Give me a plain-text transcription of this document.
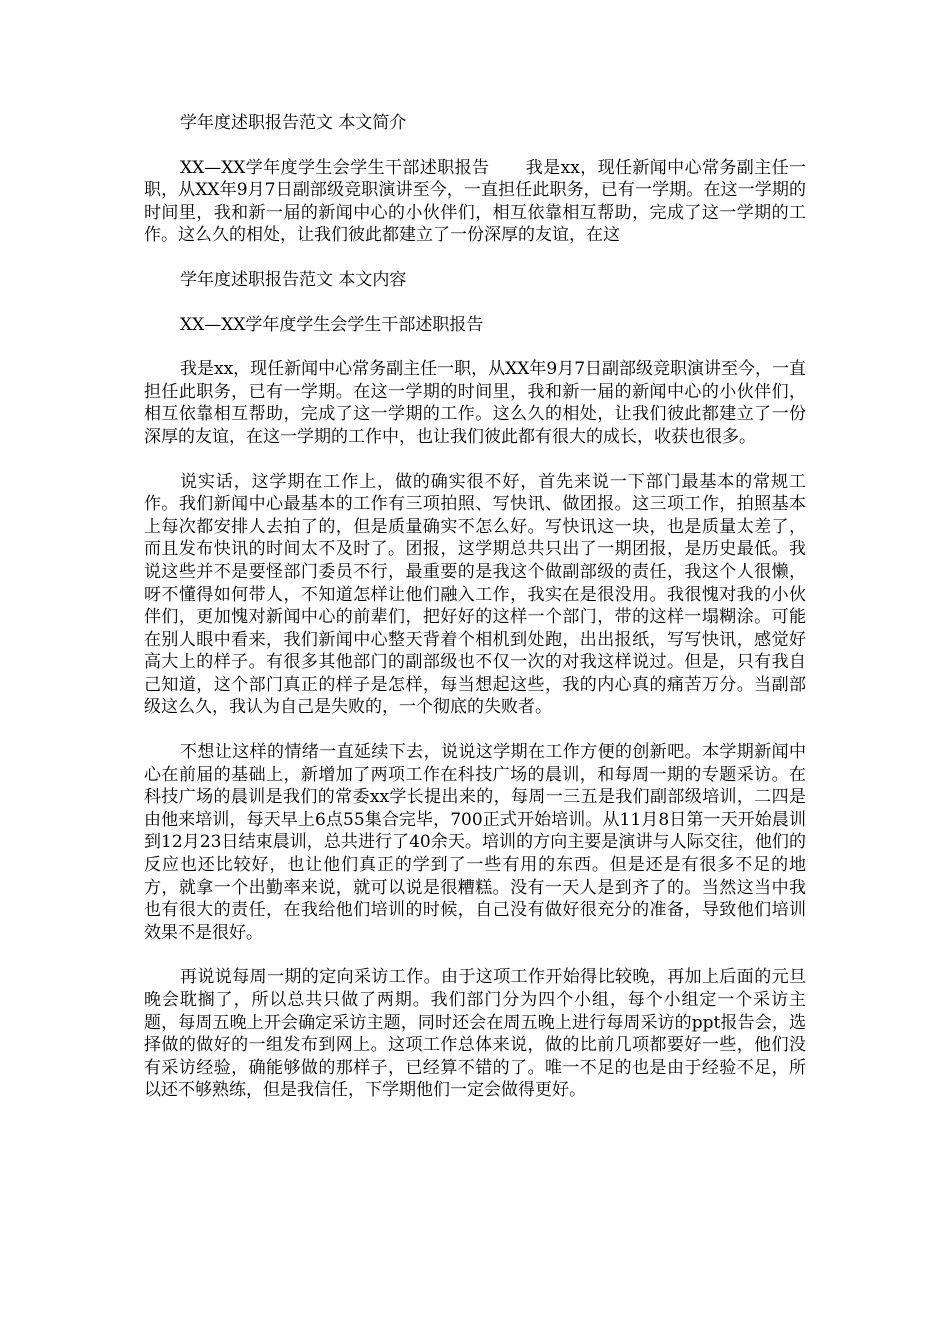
学年度述职报告范文 本文简介

XX—XX学年度学生会学生干部述职报告 我是xx，现任新闻中心常务副主任一职，从XX年9月7日副部级竞职演讲至今，一直担任此职务，已有一学期。在这一学期的时间里，我和新一届的新闻中心的小伙伴们，相互依靠相互帮助，完成了这一学期的工作。这么久的相处，让我们彼此都建立了一份深厚的友谊，在这

学年度述职报告范文 本文内容

XX—XX学年度学生会学生干部述职报告

我是xx，现任新闻中心常务副主任一职，从XX年9月7日副部级竞职演讲至今，一直担任此职务，已有一学期。在这一学期的时间里，我和新一届的新闻中心的小伙伴们，相互依靠相互帮助，完成了这一学期的工作。这么久的相处，让我们彼此都建立了一份深厚的友谊，在这一学期的工作中，也让我们彼此都有很大的成长，收获也很多。

说实话，这学期在工作上，做的确实很不好，首先来说一下部门最基本的常规工作。我们新闻中心最基本的工作有三项拍照、写快讯、做团报。这三项工作，拍照基本上每次都安排人去拍了的，但是质量确实不怎么好。写快讯这一块，也是质量太差了，而且发布快讯的时间太不及时了。团报，这学期总共只出了一期团报，是历史最低。我说这些并不是要怪部门委员不行，最重要的是我这个做副部级的责任，我这个人很懒，呀不懂得如何带人，不知道怎样让他们融入工作，我实在是很没用。我很愧对我的小伙伴们，更加愧对新闻中心的前辈们，把好好的这样一个部门，带的这样一塌糊涂。可能在别人眼中看来，我们新闻中心整天背着个相机到处跑，出出报纸，写写快讯，感觉好高大上的样子。有很多其他部门的副部级也不仅一次的对我这样说过。但是，只有我自己知道，这个部门真正的样子是怎样，每当想起这些，我的内心真的痛苦万分。当副部级这么久，我认为自己是失败的，一个彻底的失败者。

不想让这样的情绪一直延续下去，说说这学期在工作方便的创新吧。本学期新闻中心在前届的基础上，新增加了两项工作在科技广场的晨训，和每周一期的专题采访。在科技广场的晨训是我们的常委xx学长提出来的，每周一三五是我们副部级培训，二四是由他来培训，每天早上6点55集合完毕，700正式开始培训。从11月8日第一天开始晨训到12月23日结束晨训，总共进行了40余天。培训的方向主要是演讲与人际交往，他们的反应也还比较好，也让他们真正的学到了一些有用的东西。但是还是有很多不足的地方，就拿一个出勤率来说，就可以说是很糟糕。没有一天人是到齐了的。当然这当中我也有很大的责任，在我给他们培训的时候，自己没有做好很充分的准备，导致他们培训效果不是很好。

再说说每周一期的定向采访工作。由于这项工作开始得比较晚，再加上后面的元旦晚会耽搁了，所以总共只做了两期。我们部门分为四个小组，每个小组定一个采访主题，每周五晚上开会确定采访主题，同时还会在周五晚上进行每周采访的ppt报告会，选择做的做好的一组发布到网上。这项工作总体来说，做的比前几项都要好一些，他们没有采访经验，确能够做的那样子，已经算不错的了。唯一不足的也是由于经验不足，所以还不够熟练，但是我信任，下学期他们一定会做得更好。
